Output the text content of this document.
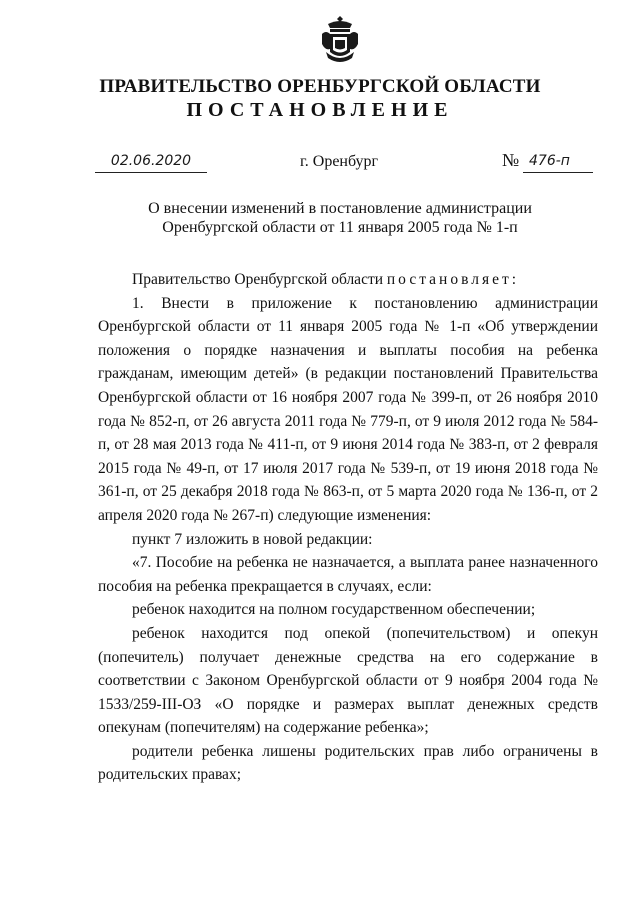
ПРАВИТЕЛЬСТВО ОРЕНБУРГСКОЙ ОБЛАСТИ
ПОСТАНОВЛЕНИЕ
02.06.2020	г. Оренбург	№ 476-п
О внесении изменений в постановление администрации Оренбургской области от 11 января 2005 года № 1-п

Правительство Оренбургской области постановляет:

1. Внести в приложение к постановлению администрации Оренбургской области от 11 января 2005 года № 1-п «Об утверждении положения о порядке назначения и выплаты пособия на ребенка гражданам, имеющим детей» (в редакции постановлений Правительства Оренбургской области от 16 ноября 2007 года № 399-п, от 26 ноября 2010 года № 852-п, от 26 августа 2011 года № 779-п, от 9 июля 2012 года № 584-п, от 28 мая 2013 года № 411-п, от 9 июня 2014 года № 383-п, от 2 февраля 2015 года № 49-п, от 17 июля 2017 года № 539-п, от 19 июня 2018 года № 361-п, от 25 декабря 2018 года № 863-п, от 5 марта 2020 года № 136-п, от 2 апреля 2020 года № 267-п) следующие изменения:

пункт 7 изложить в новой редакции:

«7. Пособие на ребенка не назначается, а выплата ранее назначенного пособия на ребенка прекращается в случаях, если:

ребенок находится на полном государственном обеспечении;

ребенок находится под опекой (попечительством) и опекун (попечитель) получает денежные средства на его содержание в соответствии с Законом Оренбургской области от 9 ноября 2004 года № 1533/259-III-ОЗ «О порядке и размерах выплат денежных средств опекунам (попечителям) на содержание ребенка»;

родители ребенка лишены родительских прав либо ограничены в родительских правах;
